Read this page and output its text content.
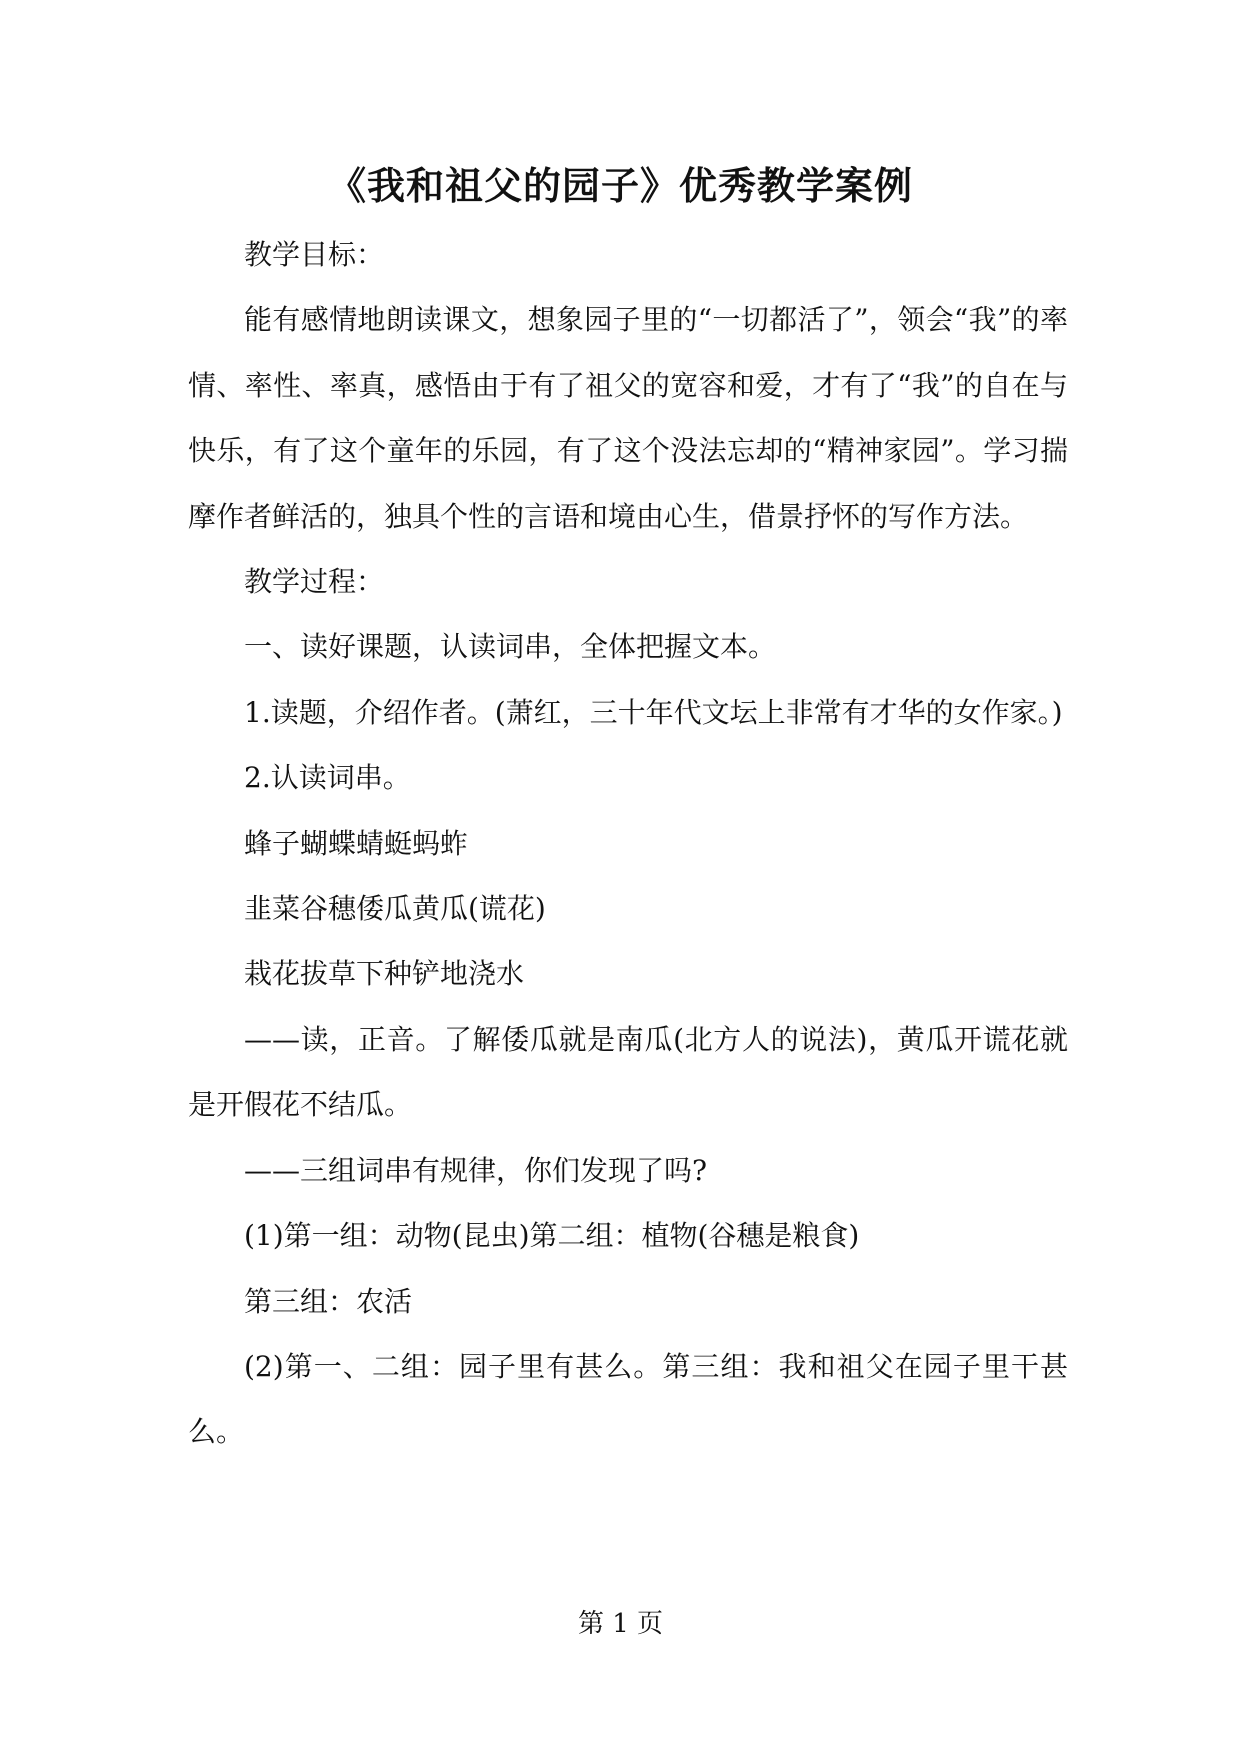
《我和祖父的园子》优秀教学案例

教学目标：

能有感情地朗读课文，想象园子里的“一切都活了”，领会“我”的率情、率性、率真，感悟由于有了祖父的宽容和爱，才有了“我”的自在与快乐，有了这个童年的乐园，有了这个没法忘却的“精神家园”。学习揣摩作者鲜活的，独具个性的言语和境由心生，借景抒怀的写作方法。

教学过程：

一、读好课题，认读词串，全体把握文本。

1.读题，介绍作者。(萧红，三十年代文坛上非常有才华的女作家。)

2.认读词串。

蜂子蝴蝶蜻蜓蚂蚱

韭菜谷穗倭瓜黄瓜(谎花)

栽花拔草下种铲地浇水

——读，正音。了解倭瓜就是南瓜(北方人的说法)，黄瓜开谎花就是开假花不结瓜。

——三组词串有规律，你们发现了吗?

(1)第一组：动物(昆虫)第二组：植物(谷穗是粮食)

第三组：农活

(2)第一、二组：园子里有甚么。第三组：我和祖父在园子里干甚么。

第 1 页
